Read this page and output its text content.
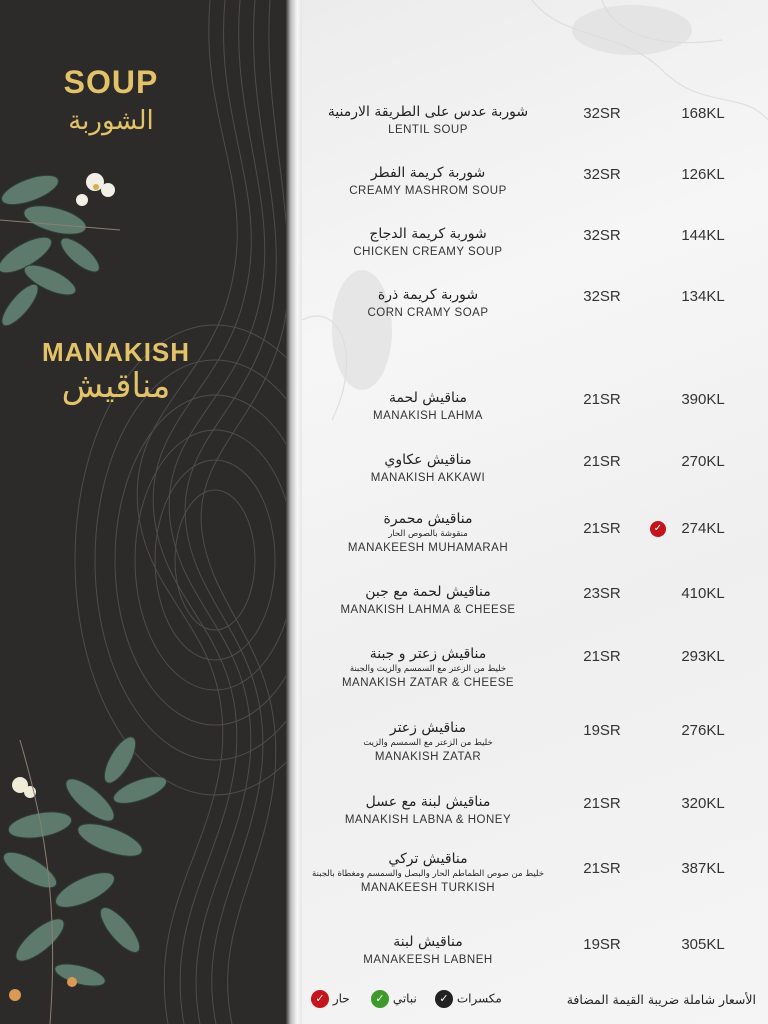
SOUP
الشوربة
MANAKISH
مناقيش
شوربة عدس على الطريقة الارمنية
LENTIL SOUP
32SR	168KL
شوربة كريمة الفطر
CREAMY MASHROM SOUP
32SR	126KL
شوربة كريمة الدجاج
CHICKEN CREAMY SOUP
32SR	144KL
شوربة كريمة ذرة
CORN CRAMY SOAP
32SR	134KL
مناقيش لحمة
MANAKISH LAHMA
21SR	390KL
مناقيش عكاوي
MANAKISH AKKAWI
21SR	270KL
مناقيش محمرة
منقوشة بالصوص الحار
MANAKEESH MUHAMARAH
21SR	✓	274KL
مناقيش لحمة مع جبن
MANAKISH LAHMA & CHEESE
23SR	410KL
مناقيش زعتر و جبنة
خليط من الزعتر مع السمسم والزيت والجبنة
MANAKISH ZATAR & CHEESE
21SR	293KL
مناقيش زعتر
خليط من الزعتر مع السمسم والزيت
MANAKISH ZATAR
19SR	276KL
مناقيش لبنة مع عسل
MANAKISH LABNA & HONEY
21SR	320KL
مناقيش تركي
خليط من صوص الطماطم الحار والبصل والسمسم ومغطاة بالجبنة
MANAKEESH TURKISH
21SR	387KL
مناقيش لبنة
MANAKEESH LABNEH
19SR	305KL
✓ حار	✓ نباتي	✓ مكسرات	الأسعار شاملة ضريبة القيمة المضافة
